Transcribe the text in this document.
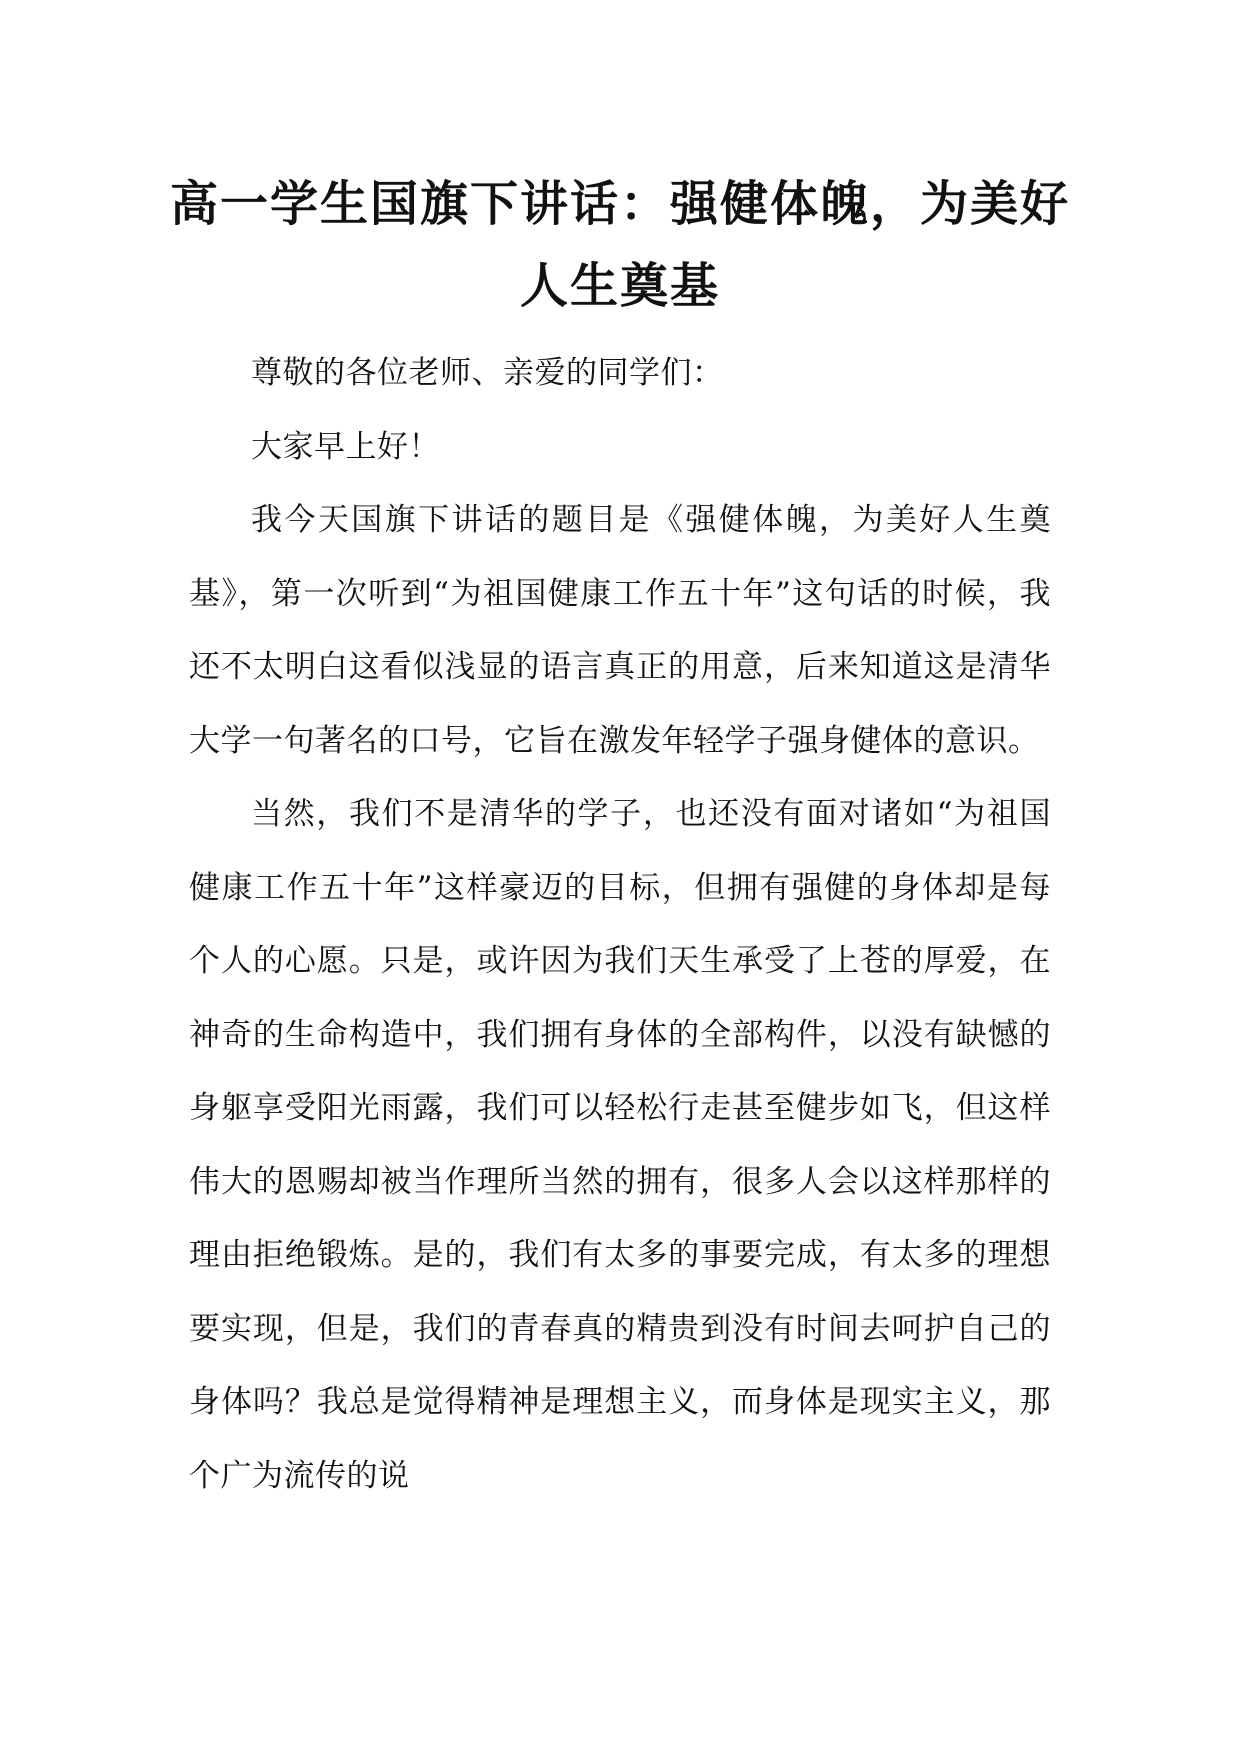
高一学生国旗下讲话：强健体魄，为美好人生奠基

尊敬的各位老师、亲爱的同学们：

大家早上好！

我今天国旗下讲话的题目是《强健体魄，为美好人生奠基》，第一次听到“为祖国健康工作五十年”这句话的时候，我还不太明白这看似浅显的语言真正的用意，后来知道这是清华大学一句著名的口号，它旨在激发年轻学子强身健体的意识。

当然，我们不是清华的学子，也还没有面对诸如“为祖国健康工作五十年”这样豪迈的目标，但拥有强健的身体却是每个人的心愿。只是，或许因为我们天生承受了上苍的厚爱，在神奇的生命构造中，我们拥有身体的全部构件，以没有缺憾的身躯享受阳光雨露，我们可以轻松行走甚至健步如飞，但这样伟大的恩赐却被当作理所当然的拥有，很多人会以这样那样的理由拒绝锻炼。是的，我们有太多的事要完成，有太多的理想要实现，但是，我们的青春真的精贵到没有时间去呵护自己的身体吗？我总是觉得精神是理想主义，而身体是现实主义，那个广为流传的说
